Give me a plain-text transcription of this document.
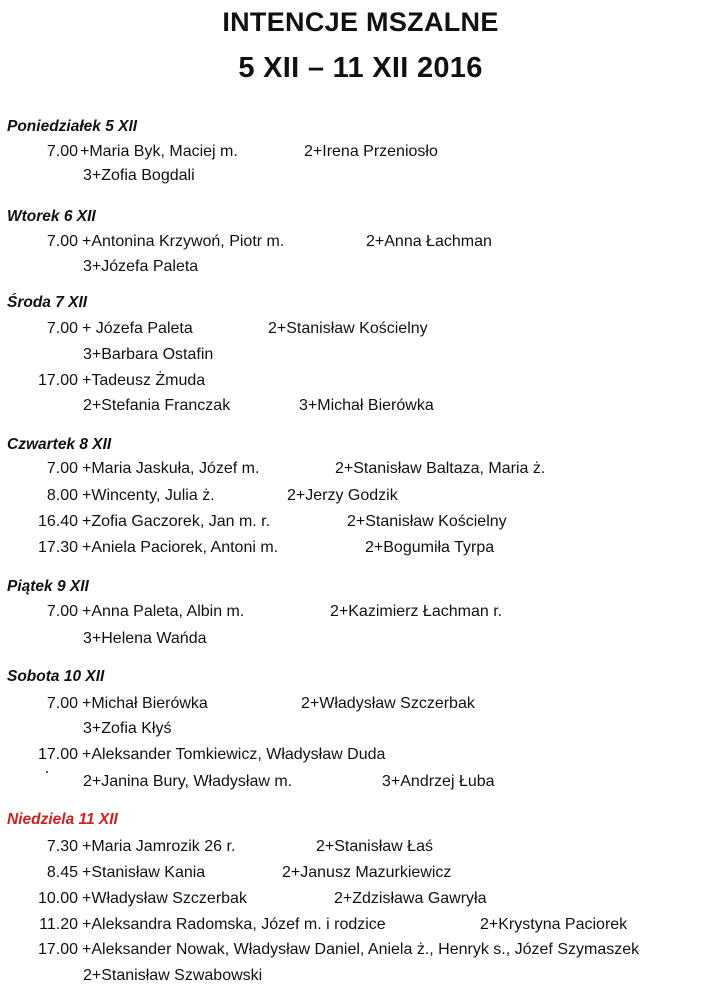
INTENCJE MSZALNE
5 XII – 11 XII 2016
Poniedziałek 5 XII
7.00 +Maria Byk, Maciej m.	2+Irena Przeniosło
3+Zofia Bogdali
Wtorek 6 XII
7.00 +Antonina Krzywoń, Piotr m.	2+Anna Łachman
3+Józefa Paleta
Środa 7 XII
7.00 + Józefa Paleta	2+Stanisław Kościelny
3+Barbara Ostafin
17.00 +Tadeusz Żmuda
2+Stefania Franczak	3+Michał Bierówka
Czwartek 8 XII
7.00 +Maria Jaskuła, Józef m.	2+Stanisław Baltaza, Maria ż.
8.00 +Wincenty, Julia ż.	2+Jerzy Godzik
16.40 +Zofia Gaczorek, Jan m. r.	2+Stanisław Kościelny
17.30 +Aniela Paciorek, Antoni m.	2+Bogumiła Tyrpa
Piątek 9 XII
7.00 +Anna Paleta, Albin m.	2+Kazimierz Łachman r.
3+Helena Wańda
Sobota 10 XII
7.00 +Michał Bierówka	2+Władysław Szczerbak
3+Zofia Kłyś
17.00 +Aleksander Tomkiewicz, Władysław Duda
2+Janina Bury, Władysław m.	3+Andrzej Łuba
Niedziela 11 XII
7.30 +Maria Jamrozik 26 r.	2+Stanisław Łaś
8.45 +Stanisław Kania	2+Janusz Mazurkiewicz
10.00 +Władysław Szczerbak	2+Zdzisława Gawryła
11.20 +Aleksandra Radomska, Józef m. i rodzice	2+Krystyna Paciorek
17.00 +Aleksander Nowak, Władysław Daniel, Aniela ż., Henryk s., Józef Szymaszek
2+Stanisław Szwabowski
